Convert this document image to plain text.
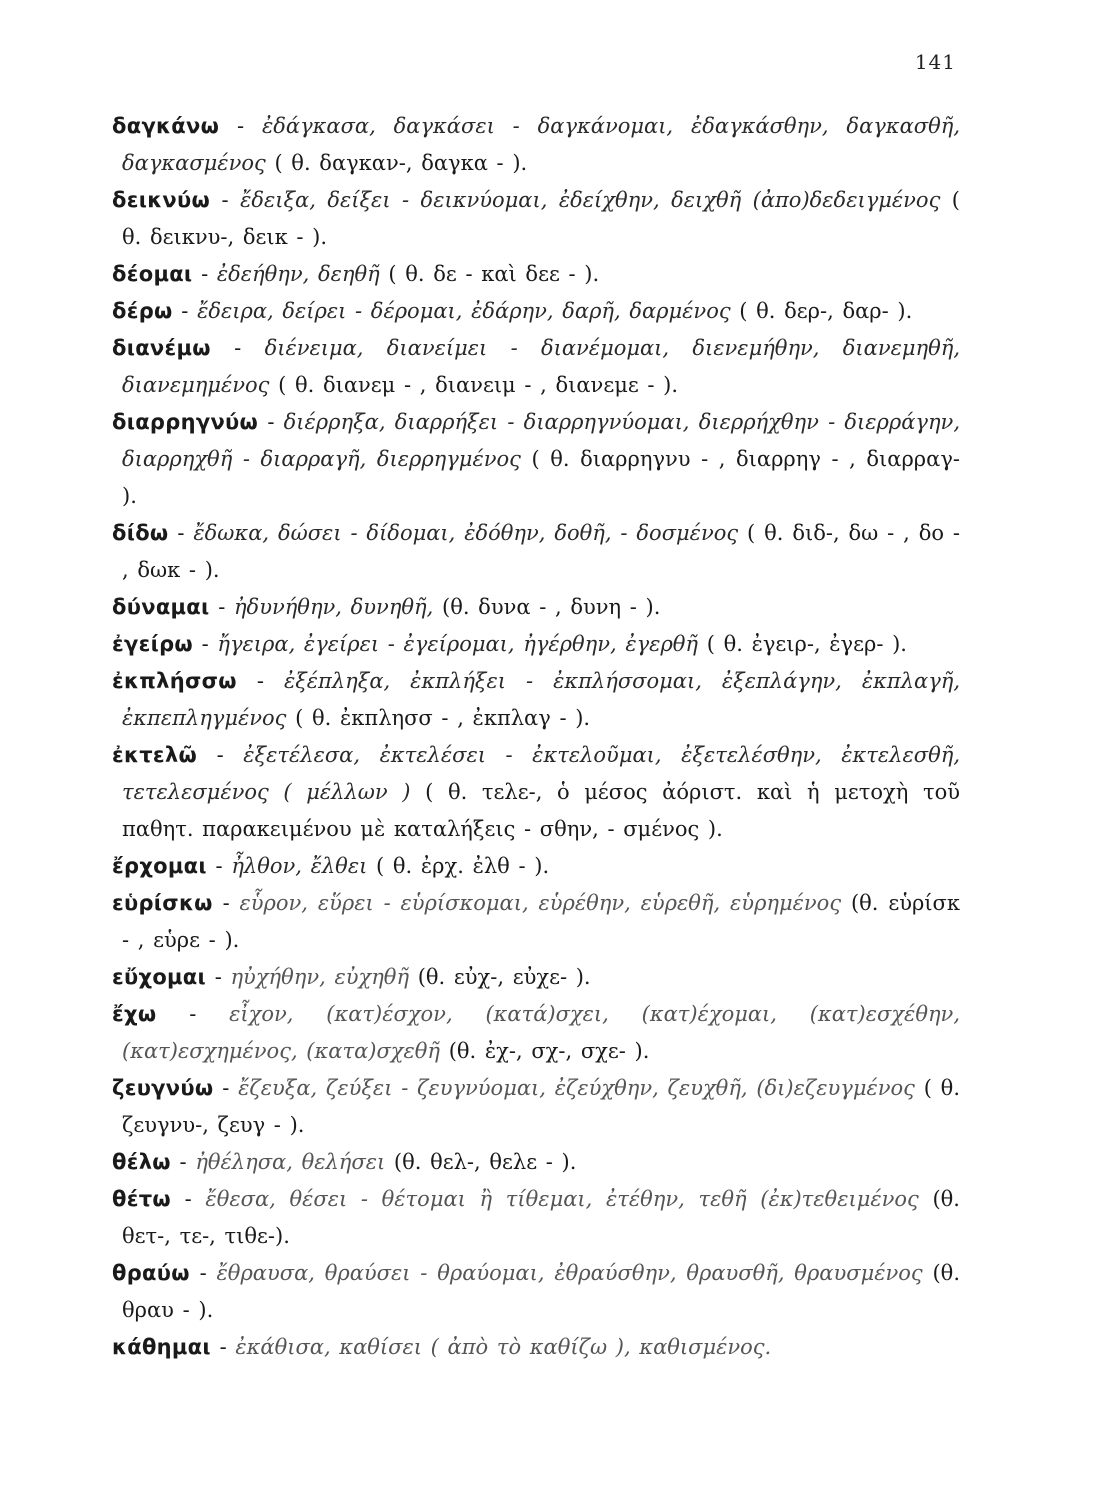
141

δαγκάνω - ἐδάγκασα, δαγκάσει - δαγκάνομαι, ἐδαγκάσθην, δαγκασθῆ, δαγκασμένος ( θ. δαγκαν-, δαγκα - ).

δεικνύω - ἔδειξα, δείξει - δεικνύομαι, ἐδείχθην, δειχθῆ (ἀπο)δεδειγμένος ( θ. δεικνυ-, δεικ - ).

δέομαι - ἐδεήθην, δεηθῆ ( θ. δε - καὶ δεε - ).

δέρω - ἔδειρα, δείρει - δέρομαι, ἐδάρην, δαρῆ, δαρμένος ( θ. δερ-, δαρ- ).

διανέμω - διένειμα, διανείμει - διανέμομαι, διενεμήθην, διανεμηθῆ, διανεμημένος ( θ. διανεμ - , διανειμ - , διανεμε - ).

διαρρηγνύω - διέρρηξα, διαρρήξει - διαρρηγνύομαι, διερρήχθην - διερράγην, διαρρηχθῆ - διαρραγῆ, διερρηγμένος ( θ. διαρρηγνυ - , διαρρηγ - , διαρραγ- ).

δίδω - ἔδωκα, δώσει - δίδομαι, ἐδόθην, δοθῆ, - δοσμένος ( θ. διδ-, δω - , δο - , δωκ - ).

δύναμαι - ἠδυνήθην, δυνηθῆ, (θ. δυνα - , δυνη - ).

ἐγείρω - ἤγειρα, ἐγείρει - ἐγείρομαι, ἠγέρθην, ἐγερθῆ ( θ. ἐγειρ-, ἐγερ- ).

ἐκπλήσσω - ἐξέπληξα, ἐκπλήξει - ἐκπλήσσομαι, ἐξεπλάγην, ἐκπλαγῆ, ἐκπεπληγμένος ( θ. ἐκπλησσ - , ἐκπλαγ - ).

ἐκτελῶ - ἐξετέλεσα, ἐκτελέσει - ἐκτελοῦμαι, ἐξετελέσθην, ἐκτελεσθῆ, τετελεσμένος ( μέλλων ) ( θ. τελε-, ὁ μέσος ἀόριστ. καὶ ἡ μετοχὴ τοῦ παθητ. παρακειμένου μὲ καταλήξεις - σθην, - σμένος ).

ἔρχομαι - ἦλθον, ἔλθει ( θ. ἐρχ. ἐλθ - ).

εὑρίσκω - εὗρον, εὕρει - εὑρίσκομαι, εὑρέθην, εὑρεθῆ, εὑρημένος (θ. εὑρίσκ - , εὑρε - ).

εὔχομαι - ηὐχήθην, εὐχηθῆ (θ. εὐχ-, εὐχε- ).

ἔχω - εἶχον, (κατ)έσχον, (κατά)σχει, (κατ)έχομαι, (κατ)εσχέθην, (κατ)εσχημένος, (κατα)σχεθῆ (θ. ἐχ-, σχ-, σχε- ).

ζευγνύω - ἔζευξα, ζεύξει - ζευγνύομαι, ἐζεύχθην, ζευχθῆ, (δι)εζευγμένος ( θ. ζευγνυ-, ζευγ - ).

θέλω - ἠθέλησα, θελήσει (θ. θελ-, θελε - ).

θέτω - ἔθεσα, θέσει - θέτομαι ἢ τίθεμαι, ἐτέθην, τεθῆ (ἐκ)τεθειμένος (θ. θετ-, τε-, τιθε-).

θραύω - ἔθραυσα, θραύσει - θραύομαι, ἐθραύσθην, θραυσθῆ, θραυσμένος (θ. θραυ - ).

κάθημαι - ἐκάθισα, καθίσει ( ἀπὸ τὸ καθίζω ), καθισμένος.
